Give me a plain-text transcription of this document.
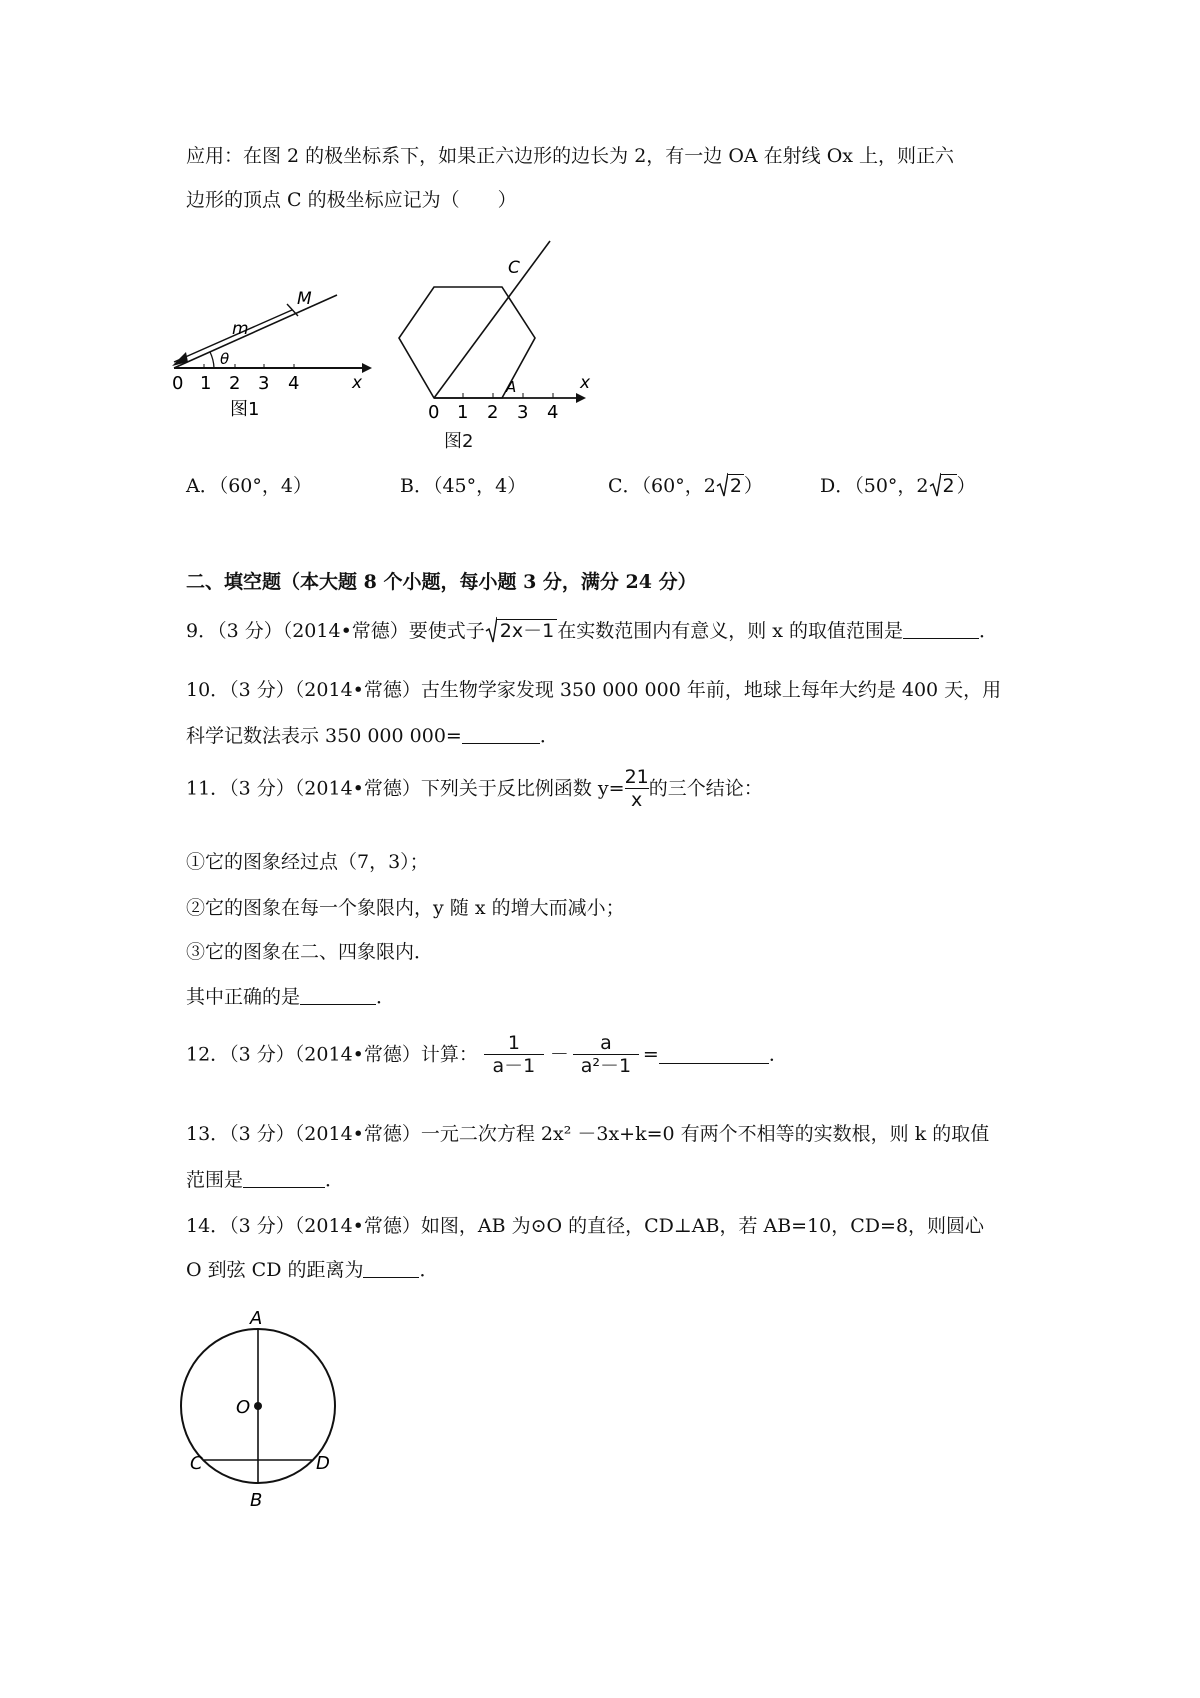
应用：在图 2 的极坐标系下，如果正六边形的边长为 2，有一边 OA 在射线 Ox 上，则正六
边形的顶点 C 的极坐标应记为（　　）
M
m
θ
x
0 1 2 3 4
图1
C
A	x
0 1 2 3 4
图2
A．（60°，4）	B．（45°，4）	C．（60°，2 2 ）	D．（50°，2 2 ）
二、填空题（本大题 8 个小题，每小题 3 分，满分 24 分）
9．（3 分）（2014•常德）要使式子 2x－1 在实数范围内有意义，则 x 的取值范围是	．
10．（3 分）（2014•常德）古生物学家发现 350 000 000 年前，地球上每年大约是 400 天，用
科学记数法表示 350 000 000=	．
11．（3 分）（2014•常德）下列关于反比例函数 $y= \frac{21}{x}$ 的三个结论：
①它的图象经过点（7，3）；
②它的图象在每一个象限内，y 随 x 的增大而减小；
③它的图象在二、四象限内．
其中正确的是	．
12．（3 分）（2014•常德）计算： $\frac{1}{a-1} - \frac{a}{\text{a²－1}}$ =	．
13．（3 分）（2014•常德）一元二次方程 2x² －3x+k=0 有两个不相等的实数根，则 k 的取值
范围是	．
14．（3 分）（2014•常德）如图，AB 为⊙O 的直径，CD⊥AB，若 AB=10，CD=8，则圆心
O 到弦 CD 的距离为	．
A
B
C	D
O
